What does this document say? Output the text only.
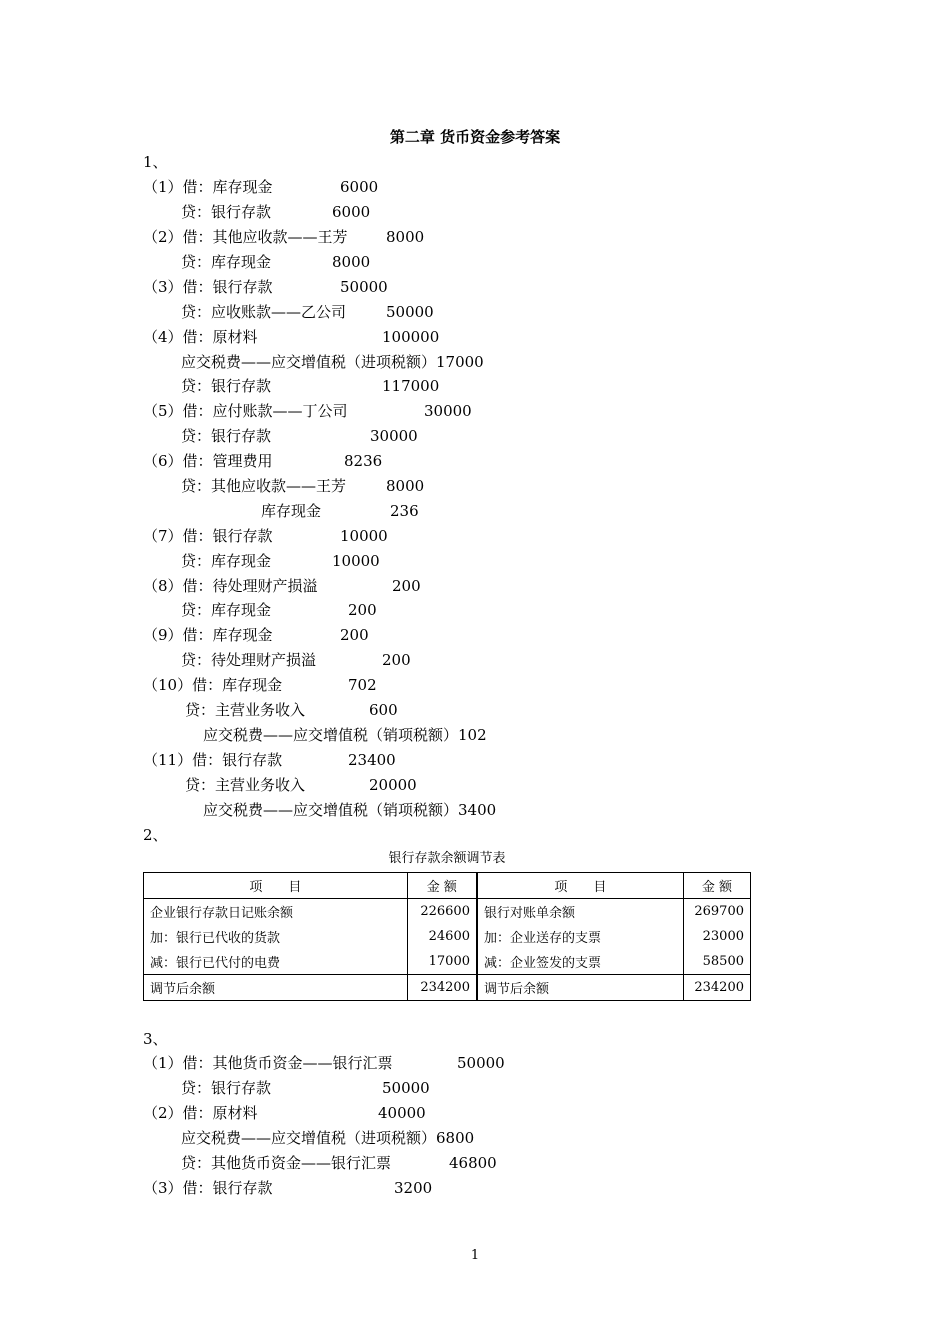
第二章 货币资金参考答案
1、
（1）借：库存现金	6000
贷：银行存款	6000
（2）借：其他应收款——王芳	8000
贷：库存现金	8000
（3）借：银行存款	50000
贷：应收账款——乙公司	50000
（4）借：原材料	100000
应交税费——应交增值税（进项税额）17000
贷：银行存款	117000
（5）借：应付账款——丁公司	30000
贷：银行存款	30000
（6）借：管理费用	8236
贷：其他应收款——王芳	8000
库存现金	236
（7）借：银行存款	10000
贷：库存现金	10000
（8）借：待处理财产损溢	200
贷：库存现金	200
（9）借：库存现金	200
贷：待处理财产损溢	200
（10）借：库存现金	702
贷：主营业务收入	600
应交税费——应交增值税（销项税额）102
（11）借：银行存款	23400
贷：主营业务收入	20000
应交税费——应交增值税（销项税额）3400
2、
3、
（1）借：其他货币资金——银行汇票	50000
贷：银行存款	50000
（2）借：原材料	40000
应交税费——应交增值税（进项税额）6800
贷：其他货币资金——银行汇票	46800
（3）借：银行存款	3200
银行存款余额调节表
项　　目	金 额	项　　目	金 额
企业银行存款日记账余额	226600	银行对账单余额	269700
加：银行已代收的货款	24600	加：企业送存的支票	23000
减：银行已代付的电费	17000	减：企业签发的支票	58500
调节后余额	234200	调节后余额	234200
1
